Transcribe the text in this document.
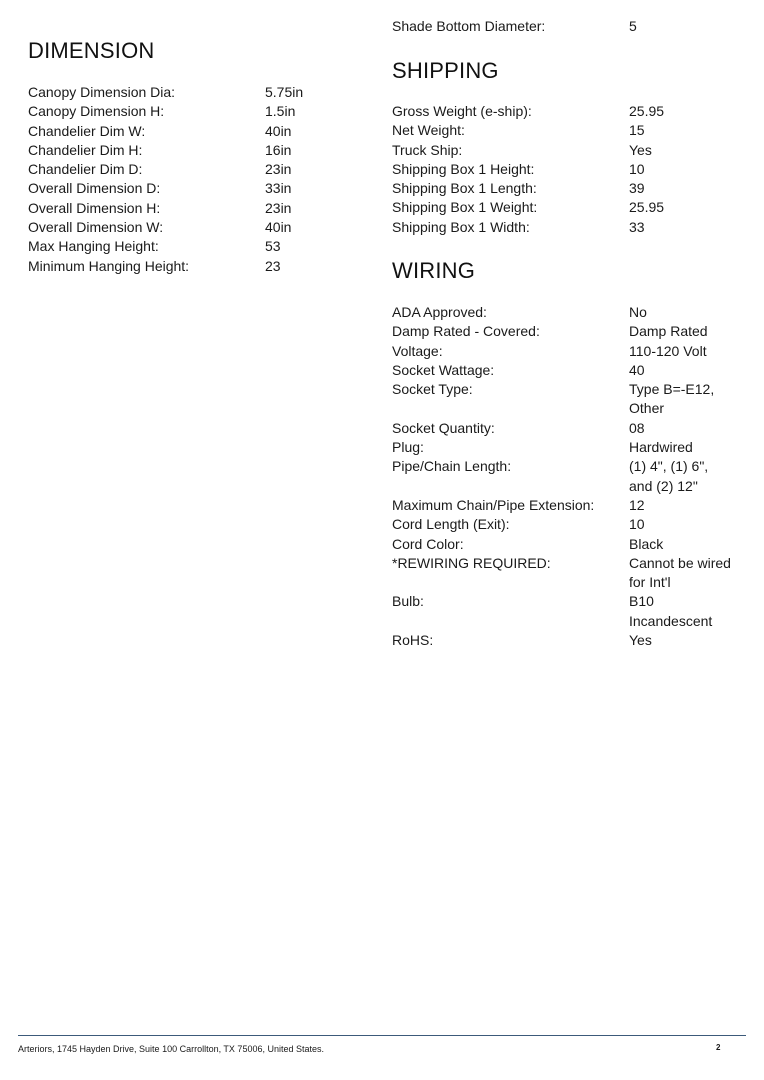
DIMENSION
Canopy Dimension Dia:	5.75in
Canopy Dimension H:	1.5in
Chandelier Dim W:	40in
Chandelier Dim H:	16in
Chandelier Dim D:	23in
Overall Dimension D:	33in
Overall Dimension H:	23in
Overall Dimension W:	40in
Max Hanging Height:	53
Minimum Hanging Height:	23
Shade Bottom Diameter:	5
SHIPPING
Gross Weight (e-ship):	25.95
Net Weight:	15
Truck Ship:	Yes
Shipping Box 1 Height:	10
Shipping Box 1 Length:	39
Shipping Box 1 Weight:	25.95
Shipping Box 1 Width:	33
WIRING
ADA Approved:	No
Damp Rated - Covered:	Damp Rated
Voltage:	110-120 Volt
Socket Wattage:	40
Socket Type:	Type B=-E12,
Other
Socket Quantity:	08
Plug:	Hardwired
Pipe/Chain Length:	(1) 4", (1) 6",
and (2) 12"
Maximum Chain/Pipe Extension: 12
Cord Length (Exit):	10
Cord Color:	Black
*REWIRING REQUIRED:	Cannot be wired
for Int'l
Bulb:	B10
Incandescent
RoHS:	Yes
Arteriors, 1745 Hayden Drive, Suite 100 Carrollton, TX 75006, United States.	2
